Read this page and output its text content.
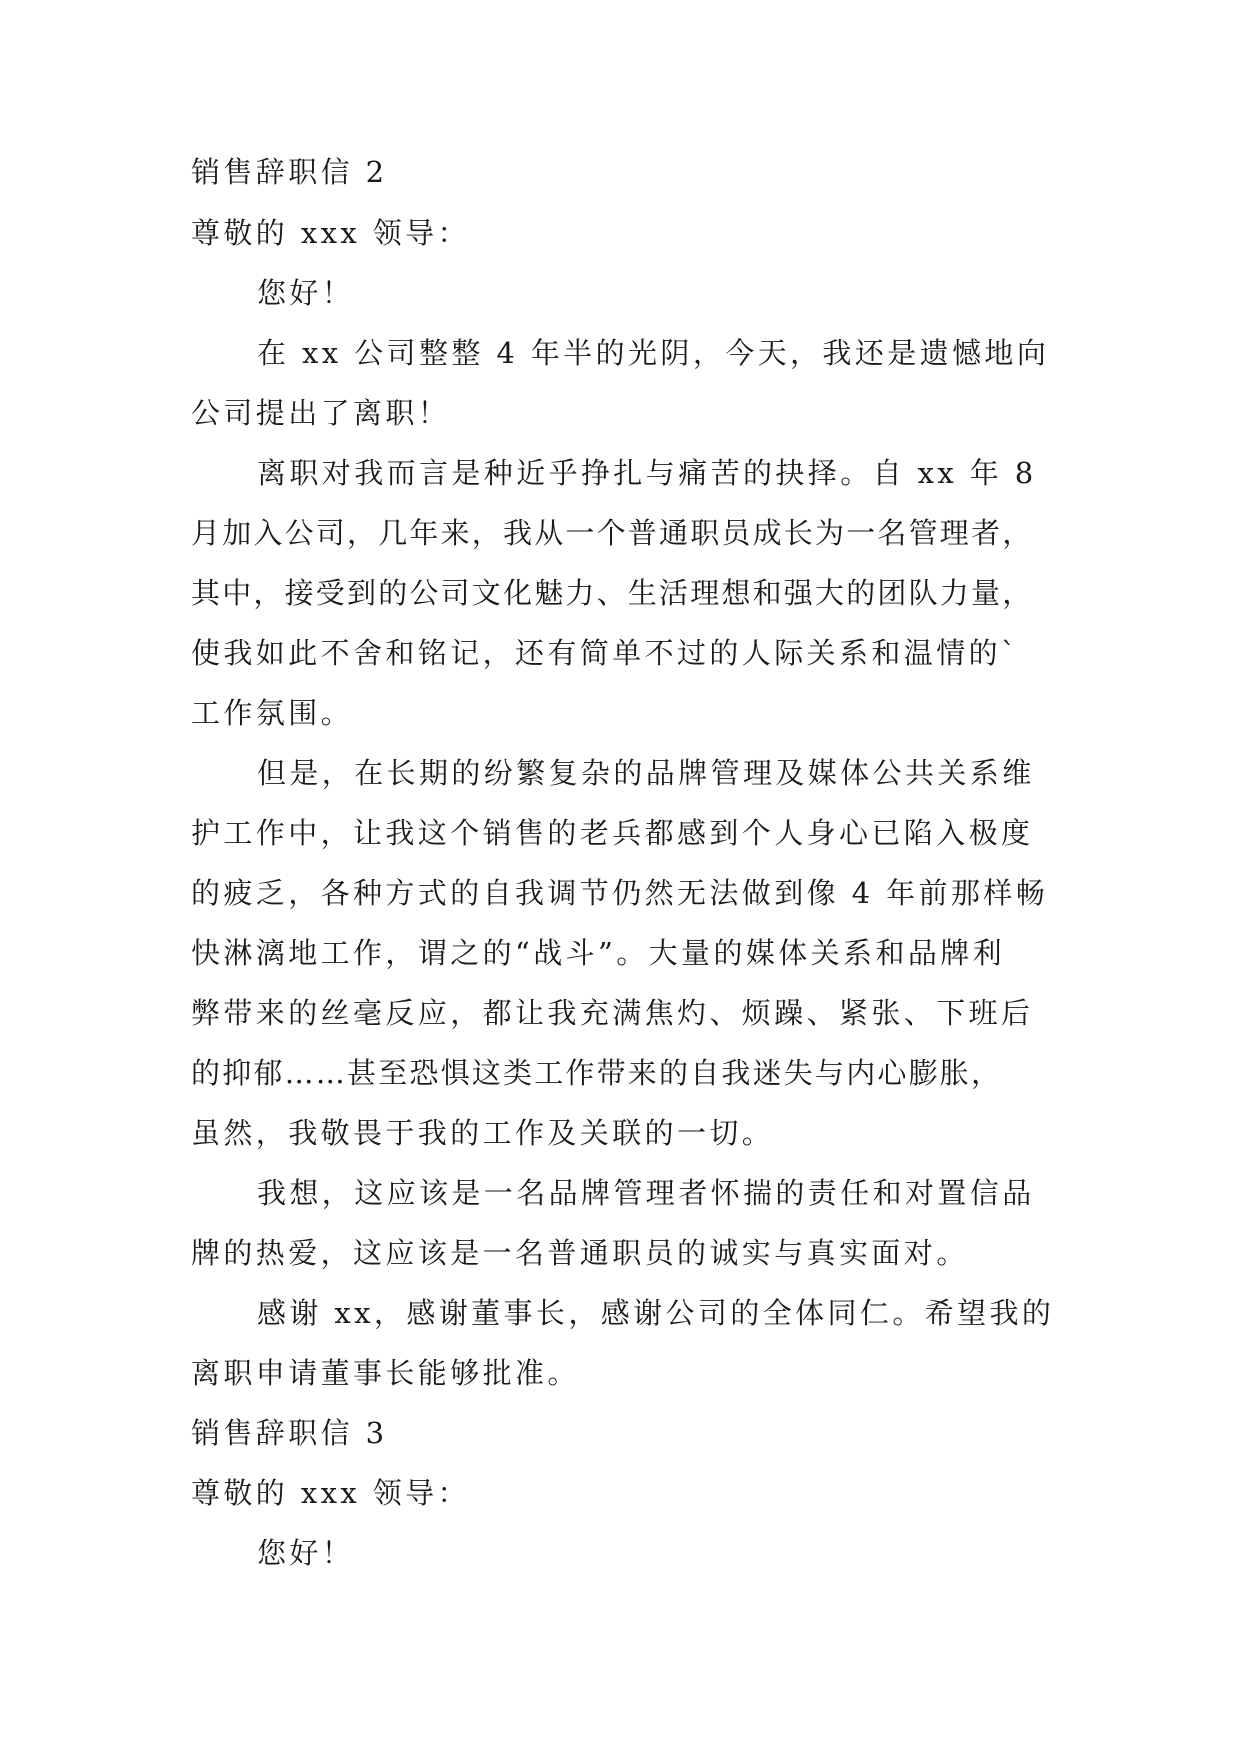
销售辞职信 2
尊敬的 xxx 领导：
您好！
在 xx 公司整整 4 年半的光阴，今天，我还是遗憾地向
公司提出了离职！
离职对我而言是种近乎挣扎与痛苦的抉择。自 xx 年 8
月加入公司，几年来，我从一个普通职员成长为一名管理者，
其中，接受到的公司文化魅力、生活理想和强大的团队力量，
使我如此不舍和铭记，还有简单不过的人际关系和温情的`
工作氛围。
但是，在长期的纷繁复杂的品牌管理及媒体公共关系维
护工作中，让我这个销售的老兵都感到个人身心已陷入极度
的疲乏，各种方式的自我调节仍然无法做到像 4 年前那样畅
快淋漓地工作，谓之的“战斗”。大量的媒体关系和品牌利
弊带来的丝毫反应，都让我充满焦灼、烦躁、紧张、下班后
的抑郁……甚至恐惧这类工作带来的自我迷失与内心膨胀，
虽然，我敬畏于我的工作及关联的一切。
我想，这应该是一名品牌管理者怀揣的责任和对置信品
牌的热爱，这应该是一名普通职员的诚实与真实面对。
感谢 xx，感谢董事长，感谢公司的全体同仁。希望我的
离职申请董事长能够批准。
销售辞职信 3
尊敬的 xxx 领导：
您好！
